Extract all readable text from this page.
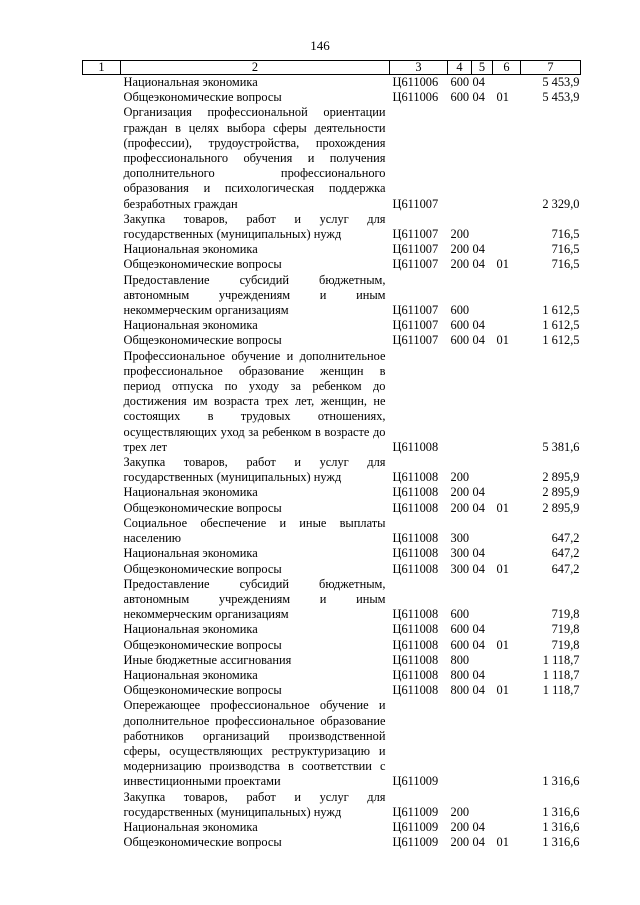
146
1	2	3	4	5	6	7
	Национальная экономика	Ц611006	600	04		5 453,9
	Общеэкономические вопросы	Ц611006	600	04	01	5 453,9
	Организация профессиональной ориентации граждан в целях выбора сферы деятельности (профессии), трудоустройства, прохождения профессионального обучения и получения дополнительного профессионального образования и психологическая поддержка безработных граждан	Ц611007				2 329,0
	Закупка товаров, работ и услуг для государственных (муниципальных) нужд	Ц611007	200			716,5
	Национальная экономика	Ц611007	200	04		716,5
	Общеэкономические вопросы	Ц611007	200	04	01	716,5
	Предоставление субсидий бюджетным, автономным учреждениям и иным некоммерческим организациям	Ц611007	600			1 612,5
	Национальная экономика	Ц611007	600	04		1 612,5
	Общеэкономические вопросы	Ц611007	600	04	01	1 612,5
	Профессиональное обучение и дополнительное профессиональное образование женщин в период отпуска по уходу за ребенком до достижения им возраста трех лет, женщин, не состоящих в трудовых отношениях, осуществляющих уход за ребенком в возрасте до трех лет	Ц611008				5 381,6
	Закупка товаров, работ и услуг для государственных (муниципальных) нужд	Ц611008	200			2 895,9
	Национальная экономика	Ц611008	200	04		2 895,9
	Общеэкономические вопросы	Ц611008	200	04	01	2 895,9
	Социальное обеспечение и иные выплаты населению	Ц611008	300			647,2
	Национальная экономика	Ц611008	300	04		647,2
	Общеэкономические вопросы	Ц611008	300	04	01	647,2
	Предоставление субсидий бюджетным, автономным учреждениям и иным некоммерческим организациям	Ц611008	600			719,8
	Национальная экономика	Ц611008	600	04		719,8
	Общеэкономические вопросы	Ц611008	600	04	01	719,8
	Иные бюджетные ассигнования	Ц611008	800			1 118,7
	Национальная экономика	Ц611008	800	04		1 118,7
	Общеэкономические вопросы	Ц611008	800	04	01	1 118,7
	Опережающее профессиональное обучение и дополнительное профессиональное образование работников организаций производственной сферы, осуществляющих реструктуризацию и модернизацию производства в соответствии с инвестиционными проектами	Ц611009				1 316,6
	Закупка товаров, работ и услуг для государственных (муниципальных) нужд	Ц611009	200			1 316,6
	Национальная экономика	Ц611009	200	04		1 316,6
	Общеэкономические вопросы	Ц611009	200	04	01	1 316,6
